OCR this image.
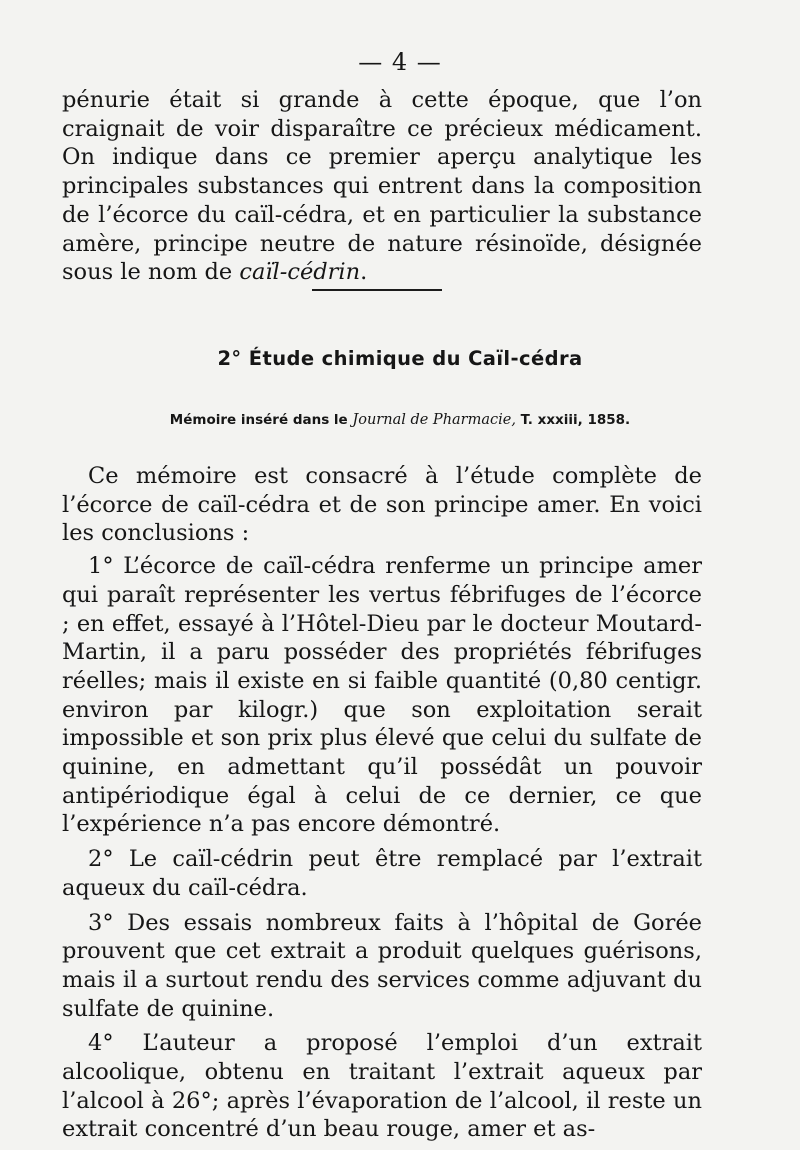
— 4 —

pénurie était si grande à cette époque, que l’on craignait de voir disparaître ce précieux médicament. On indique dans ce premier aperçu analytique les principales substances qui entrent dans la composition de l’écorce du caïl-cédra, et en particulier la substance amère, principe neutre de nature résinoïde, désignée sous le nom de caïl-cédrin.

2° Étude chimique du Caïl-cédra
Mémoire inséré dans le Journal de Pharmacie, T. xxxiii, 1858.

Ce mémoire est consacré à l’étude complète de l’écorce de caïl-cédra et de son principe amer. En voici les conclusions :

1° L’écorce de caïl-cédra renferme un principe amer qui paraît représenter les vertus fébrifuges de l’écorce ; en effet, essayé à l’Hôtel-Dieu par le docteur Moutard-Martin, il a paru posséder des propriétés fébrifuges réelles; mais il existe en si faible quantité (0,80 centigr. environ par kilogr.) que son exploitation serait impossible et son prix plus élevé que celui du sulfate de quinine, en admettant qu’il possédât un pouvoir antipériodique égal à celui de ce dernier, ce que l’expérience n’a pas encore démontré.

2° Le caïl-cédrin peut être remplacé par l’extrait aqueux du caïl-cédra.

3° Des essais nombreux faits à l’hôpital de Gorée prouvent que cet extrait a produit quelques guérisons, mais il a surtout rendu des services comme adjuvant du sulfate de quinine.

4° L’auteur a proposé l’emploi d’un extrait alcoolique, obtenu en traitant l’extrait aqueux par l’alcool à 26°; après l’évaporation de l’alcool, il reste un extrait concentré d’un beau rouge, amer et as-
